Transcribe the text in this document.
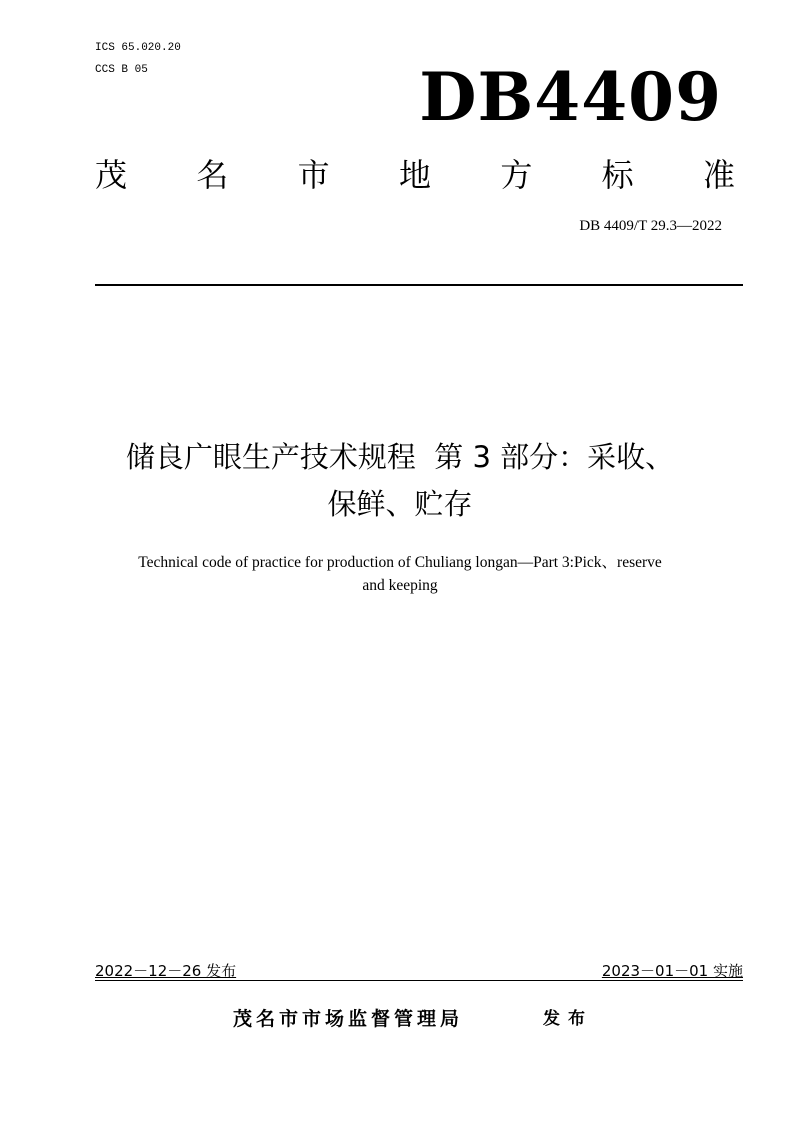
ICS 65.020.20
CCS B 05	DB4409
茂 名 市 地 方 标 准
DB 4409/T 29.3—2022
储良广眼生产技术规程  第 3 部分：采收、
保鲜、贮存
Technical code of practice for production of Chuliang longan—Part 3:Pick、reserve
and keeping
2022－12－26 发布	2023－01－01 实施
茂名市市场监督管理局	发布
